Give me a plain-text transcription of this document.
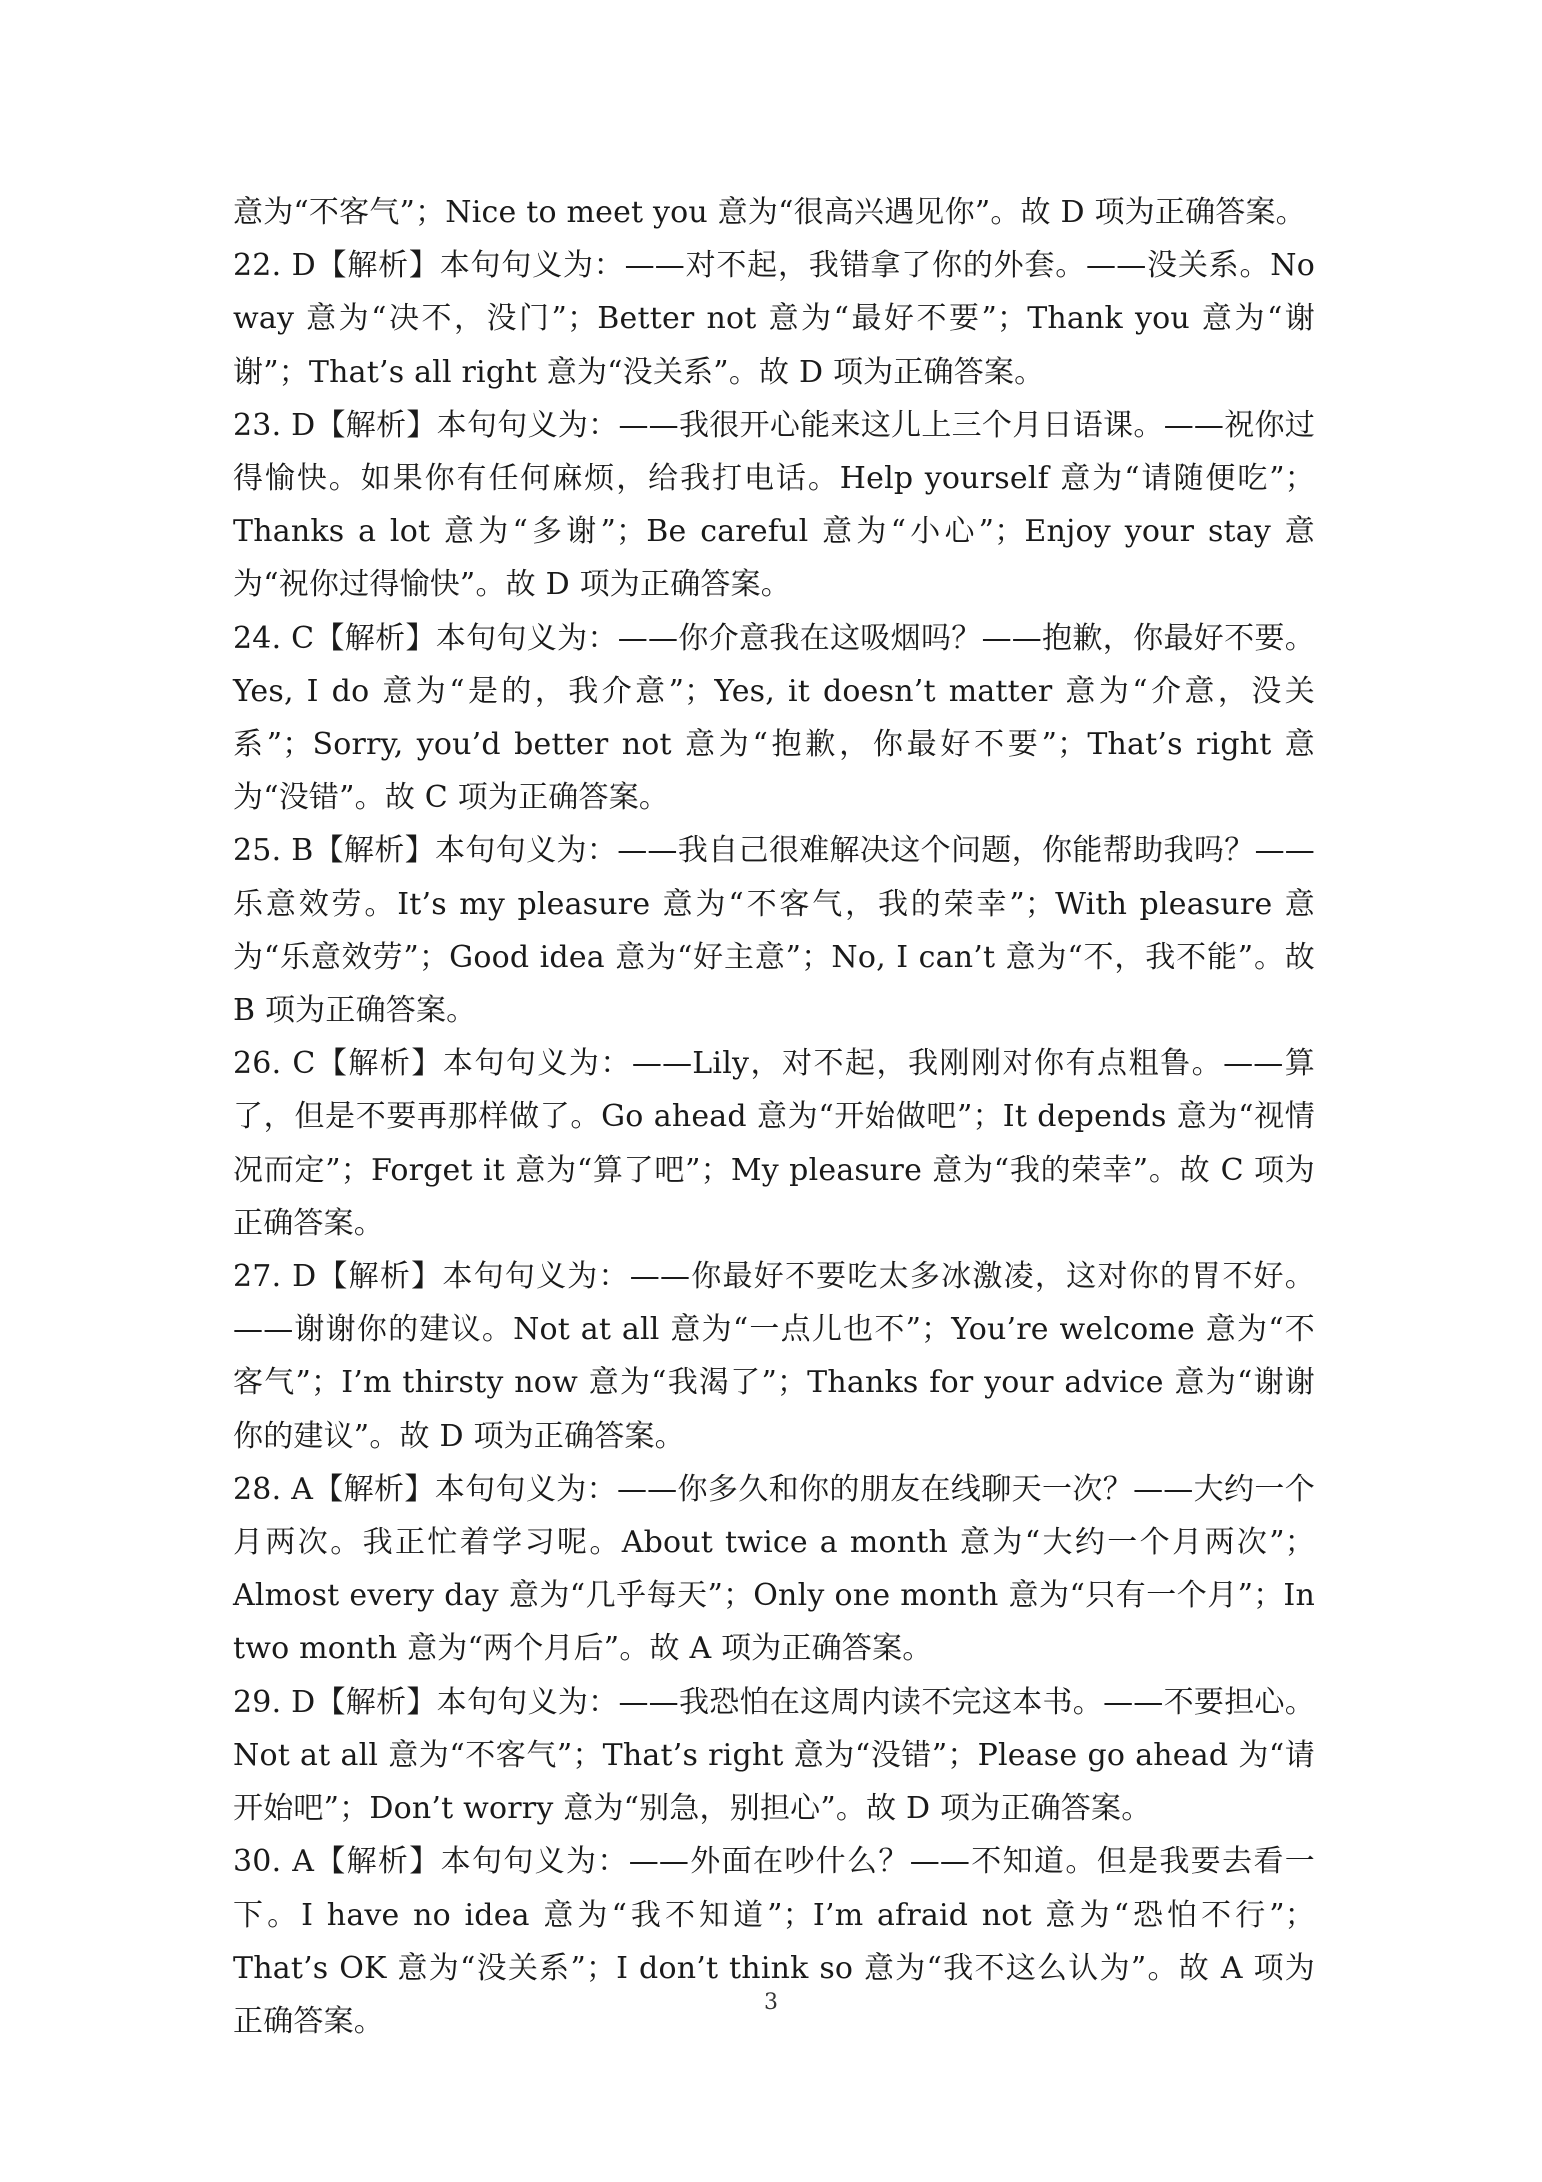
意为“不客气”；Nice to meet you 意为“很高兴遇见你”。故 D 项为正确答案。

22. D【解析】本句句义为：——对不起，我错拿了你的外套。——没关系。No way 意为“决不，没门”；Better not 意为“最好不要”；Thank you 意为“谢谢”；That’s all right 意为“没关系”。故 D 项为正确答案。

23. D【解析】本句句义为：——我很开心能来这儿上三个月日语课。——祝你过得愉快。如果你有任何麻烦，给我打电话。Help yourself 意为“请随便吃”；Thanks a lot 意为“多谢”；Be careful 意为“小心”；Enjoy your stay 意为“祝你过得愉快”。故 D 项为正确答案。

24. C【解析】本句句义为：——你介意我在这吸烟吗？——抱歉，你最好不要。Yes, I do 意为“是的，我介意”；Yes, it doesn’t matter 意为“介意，没关系”；Sorry, you’d better not 意为“抱歉，你最好不要”；That’s right 意为“没错”。故 C 项为正确答案。

25. B【解析】本句句义为：——我自己很难解决这个问题，你能帮助我吗？——乐意效劳。It’s my pleasure 意为“不客气，我的荣幸”；With pleasure 意为“乐意效劳”；Good idea 意为“好主意”；No, I can’t 意为“不，我不能”。故 B 项为正确答案。

26. C【解析】本句句义为：——Lily，对不起，我刚刚对你有点粗鲁。——算了，但是不要再那样做了。Go ahead 意为“开始做吧”；It depends 意为“视情况而定”；Forget it 意为“算了吧”；My pleasure 意为“我的荣幸”。故 C 项为正确答案。

27. D【解析】本句句义为：——你最好不要吃太多冰激凌，这对你的胃不好。——谢谢你的建议。Not at all 意为“一点儿也不”；You’re welcome 意为“不客气”；I’m thirsty now 意为“我渴了”；Thanks for your advice 意为“谢谢你的建议”。故 D 项为正确答案。

28. A【解析】本句句义为：——你多久和你的朋友在线聊天一次？——大约一个月两次。我正忙着学习呢。About twice a month 意为“大约一个月两次”；Almost every day 意为“几乎每天”；Only one month 意为“只有一个月”；In two month 意为“两个月后”。故 A 项为正确答案。

29. D【解析】本句句义为：——我恐怕在这周内读不完这本书。——不要担心。Not at all 意为“不客气”；That’s right 意为“没错”；Please go ahead 为“请开始吧”；Don’t worry 意为“别急，别担心”。故 D 项为正确答案。

30. A【解析】本句句义为：——外面在吵什么？——不知道。但是我要去看一下。I have no idea 意为“我不知道”；I’m afraid not 意为“恐怕不行”；That’s OK 意为“没关系”；I don’t think so 意为“我不这么认为”。故 A 项为正确答案。

3
